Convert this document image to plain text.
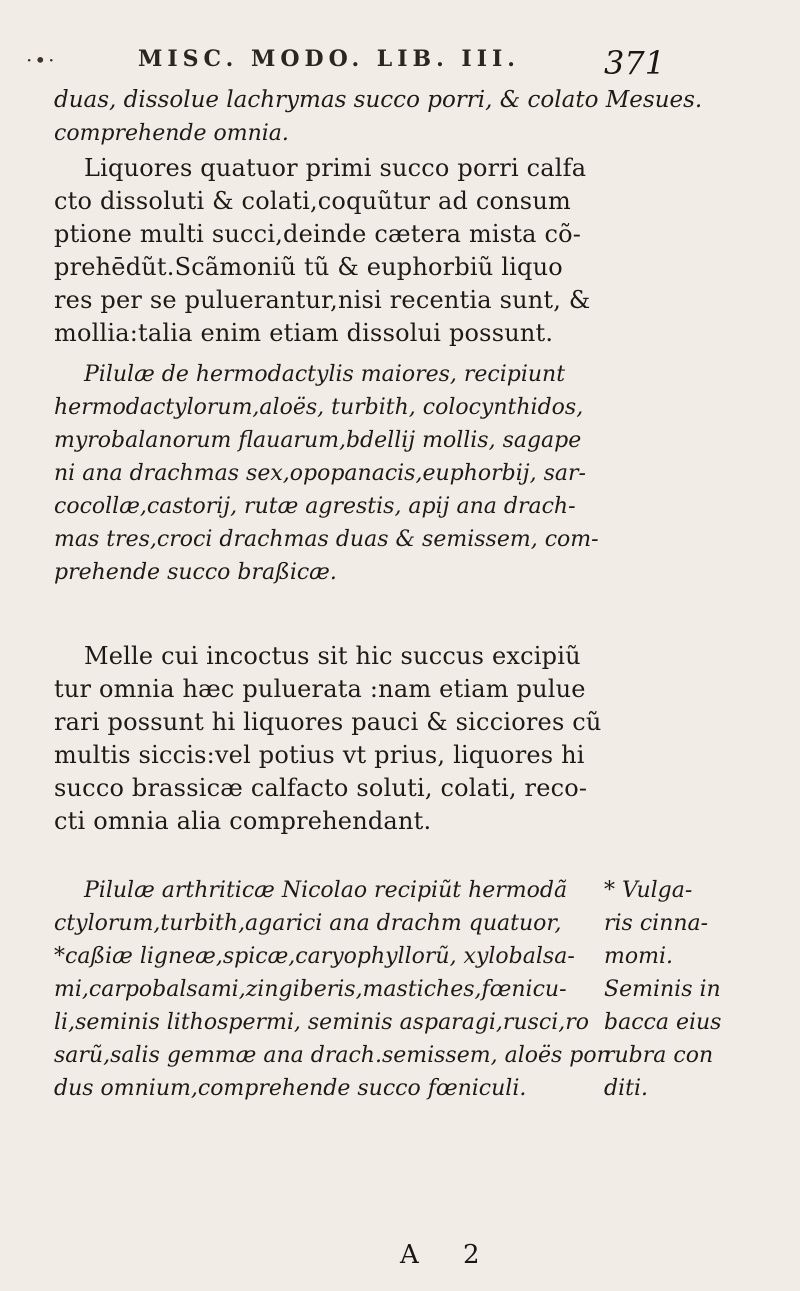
·•·	MISC. MODO. LIB. III.	371
duas, dissolue lachrymas succo porri, & colato Mesues.
comprehende omnia.
Liquores quatuor primi succo porri calfa
cto dissoluti & colati,coquũtur ad consum
ptione multi succi,deinde cætera mista cõ-
prehēdũt.Scãmoniũ tũ & euphorbiũ liquo
res per se puluerantur,nisi recentia sunt, &
mollia:talia enim etiam dissolui possunt.
Pilulæ de hermodactylis maiores, recipiunt
hermodactylorum,aloës, turbith, colocynthidos,
myrobalanorum flauarum,bdellij mollis, sagape
ni ana drachmas sex,opopanacis,euphorbij, sar-
cocollæ,castorij, rutæ agrestis, apij ana drach-
mas tres,croci drachmas duas & semissem, com-
prehende succo braßicæ.
Melle cui incoctus sit hic succus excipiũ
tur omnia hæc puluerata :nam etiam pulue
rari possunt hi liquores pauci & sicciores cũ
multis siccis:vel potius vt prius, liquores hi
succo brassicæ calfacto soluti, colati, reco-
cti omnia alia comprehendant.
Pilulæ arthriticæ Nicolao recipiũt hermodã
ctylorum,turbith,agarici ana drachm quatuor,
*caßiæ ligneæ,spicæ,caryophyllorũ, xylobalsa-
mi,carpobalsami,zingiberis,mastiches,fœnicu-
li,seminis lithospermi, seminis asparagi,rusci,ro
sarũ,salis gemmæ ana drach.semissem, aloës pon
dus omnium,comprehende succo fœniculi.
* Vulga-
ris cinna-
momi.
Seminis in
bacca eius
rubra con
diti.
A 2
